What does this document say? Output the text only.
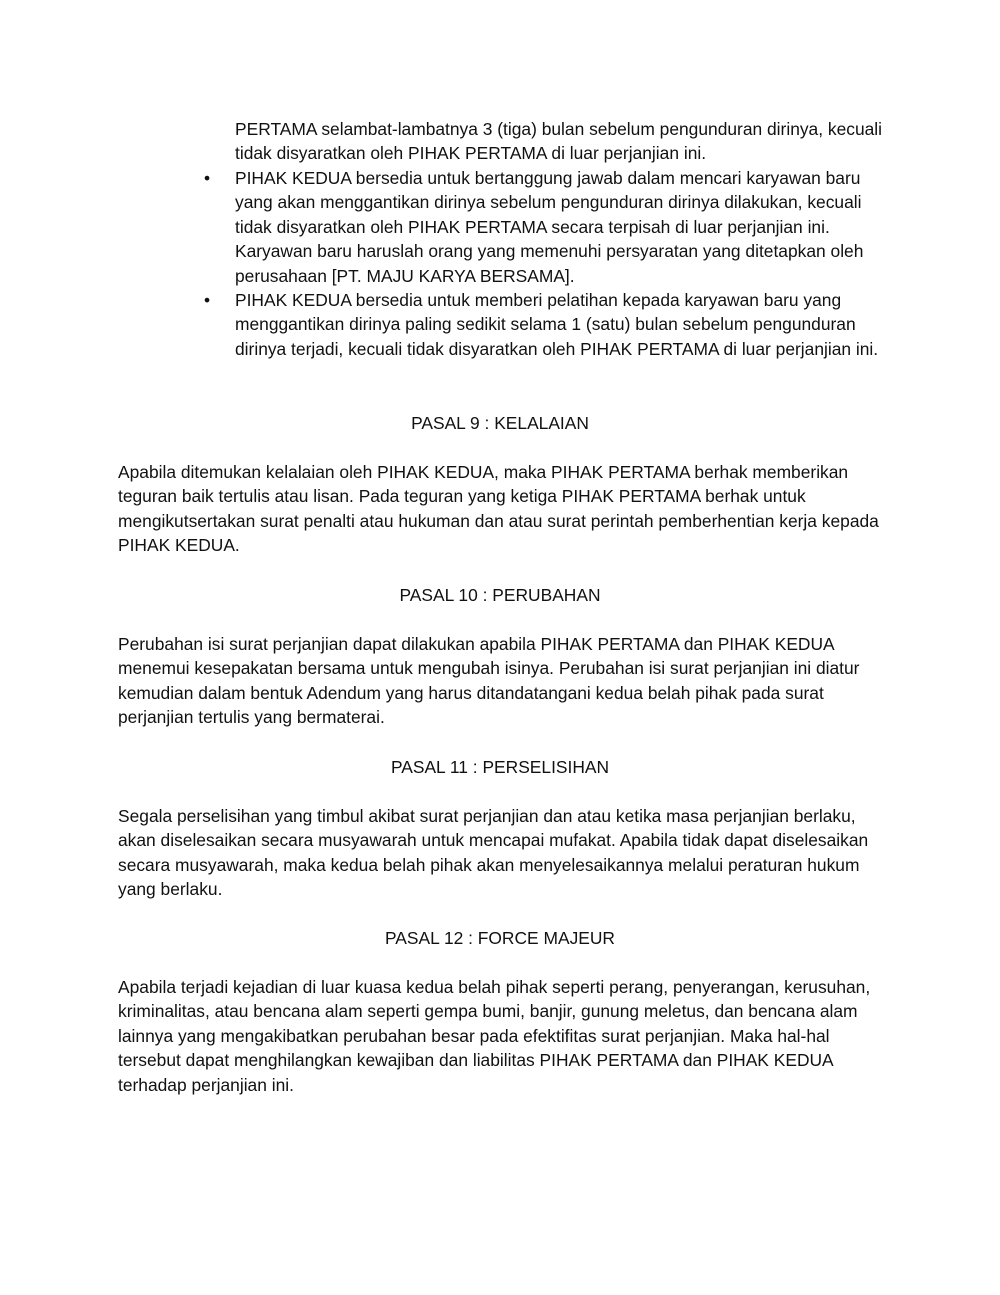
PERTAMA selambat-lambatnya 3 (tiga) bulan sebelum pengunduran dirinya, kecuali tidak disyaratkan oleh PIHAK PERTAMA di luar perjanjian ini.

• PIHAK KEDUA bersedia untuk bertanggung jawab dalam mencari karyawan baru yang akan menggantikan dirinya sebelum pengunduran dirinya dilakukan, kecuali tidak disyaratkan oleh PIHAK PERTAMA secara terpisah di luar perjanjian ini. Karyawan baru haruslah orang yang memenuhi persyaratan yang ditetapkan oleh perusahaan [PT. MAJU KARYA BERSAMA].
• PIHAK KEDUA bersedia untuk memberi pelatihan kepada karyawan baru yang menggantikan dirinya paling sedikit selama 1 (satu) bulan sebelum pengunduran dirinya terjadi, kecuali tidak disyaratkan oleh PIHAK PERTAMA di luar perjanjian ini.
PASAL 9 : KELALAIAN

Apabila ditemukan kelalaian oleh PIHAK KEDUA, maka PIHAK PERTAMA berhak memberikan teguran baik tertulis atau lisan. Pada teguran yang ketiga PIHAK PERTAMA berhak untuk mengikutsertakan surat penalti atau hukuman dan atau surat perintah pemberhentian kerja kepada PIHAK KEDUA.

PASAL 10 : PERUBAHAN

Perubahan isi surat perjanjian dapat dilakukan apabila PIHAK PERTAMA dan PIHAK KEDUA menemui kesepakatan bersama untuk mengubah isinya. Perubahan isi surat perjanjian ini diatur kemudian dalam bentuk Adendum yang harus ditandatangani kedua belah pihak pada surat perjanjian tertulis yang bermaterai.

PASAL 11 : PERSELISIHAN

Segala perselisihan yang timbul akibat surat perjanjian dan atau ketika masa perjanjian berlaku, akan diselesaikan secara musyawarah untuk mencapai mufakat. Apabila tidak dapat diselesaikan secara musyawarah, maka kedua belah pihak akan menyelesaikannya melalui peraturan hukum yang berlaku.

PASAL 12 : FORCE MAJEUR

Apabila terjadi kejadian di luar kuasa kedua belah pihak seperti perang, penyerangan, kerusuhan, kriminalitas, atau bencana alam seperti gempa bumi, banjir, gunung meletus, dan bencana alam lainnya yang mengakibatkan perubahan besar pada efektifitas surat perjanjian. Maka hal-hal tersebut dapat menghilangkan kewajiban dan liabilitas PIHAK PERTAMA dan PIHAK KEDUA terhadap perjanjian ini.
